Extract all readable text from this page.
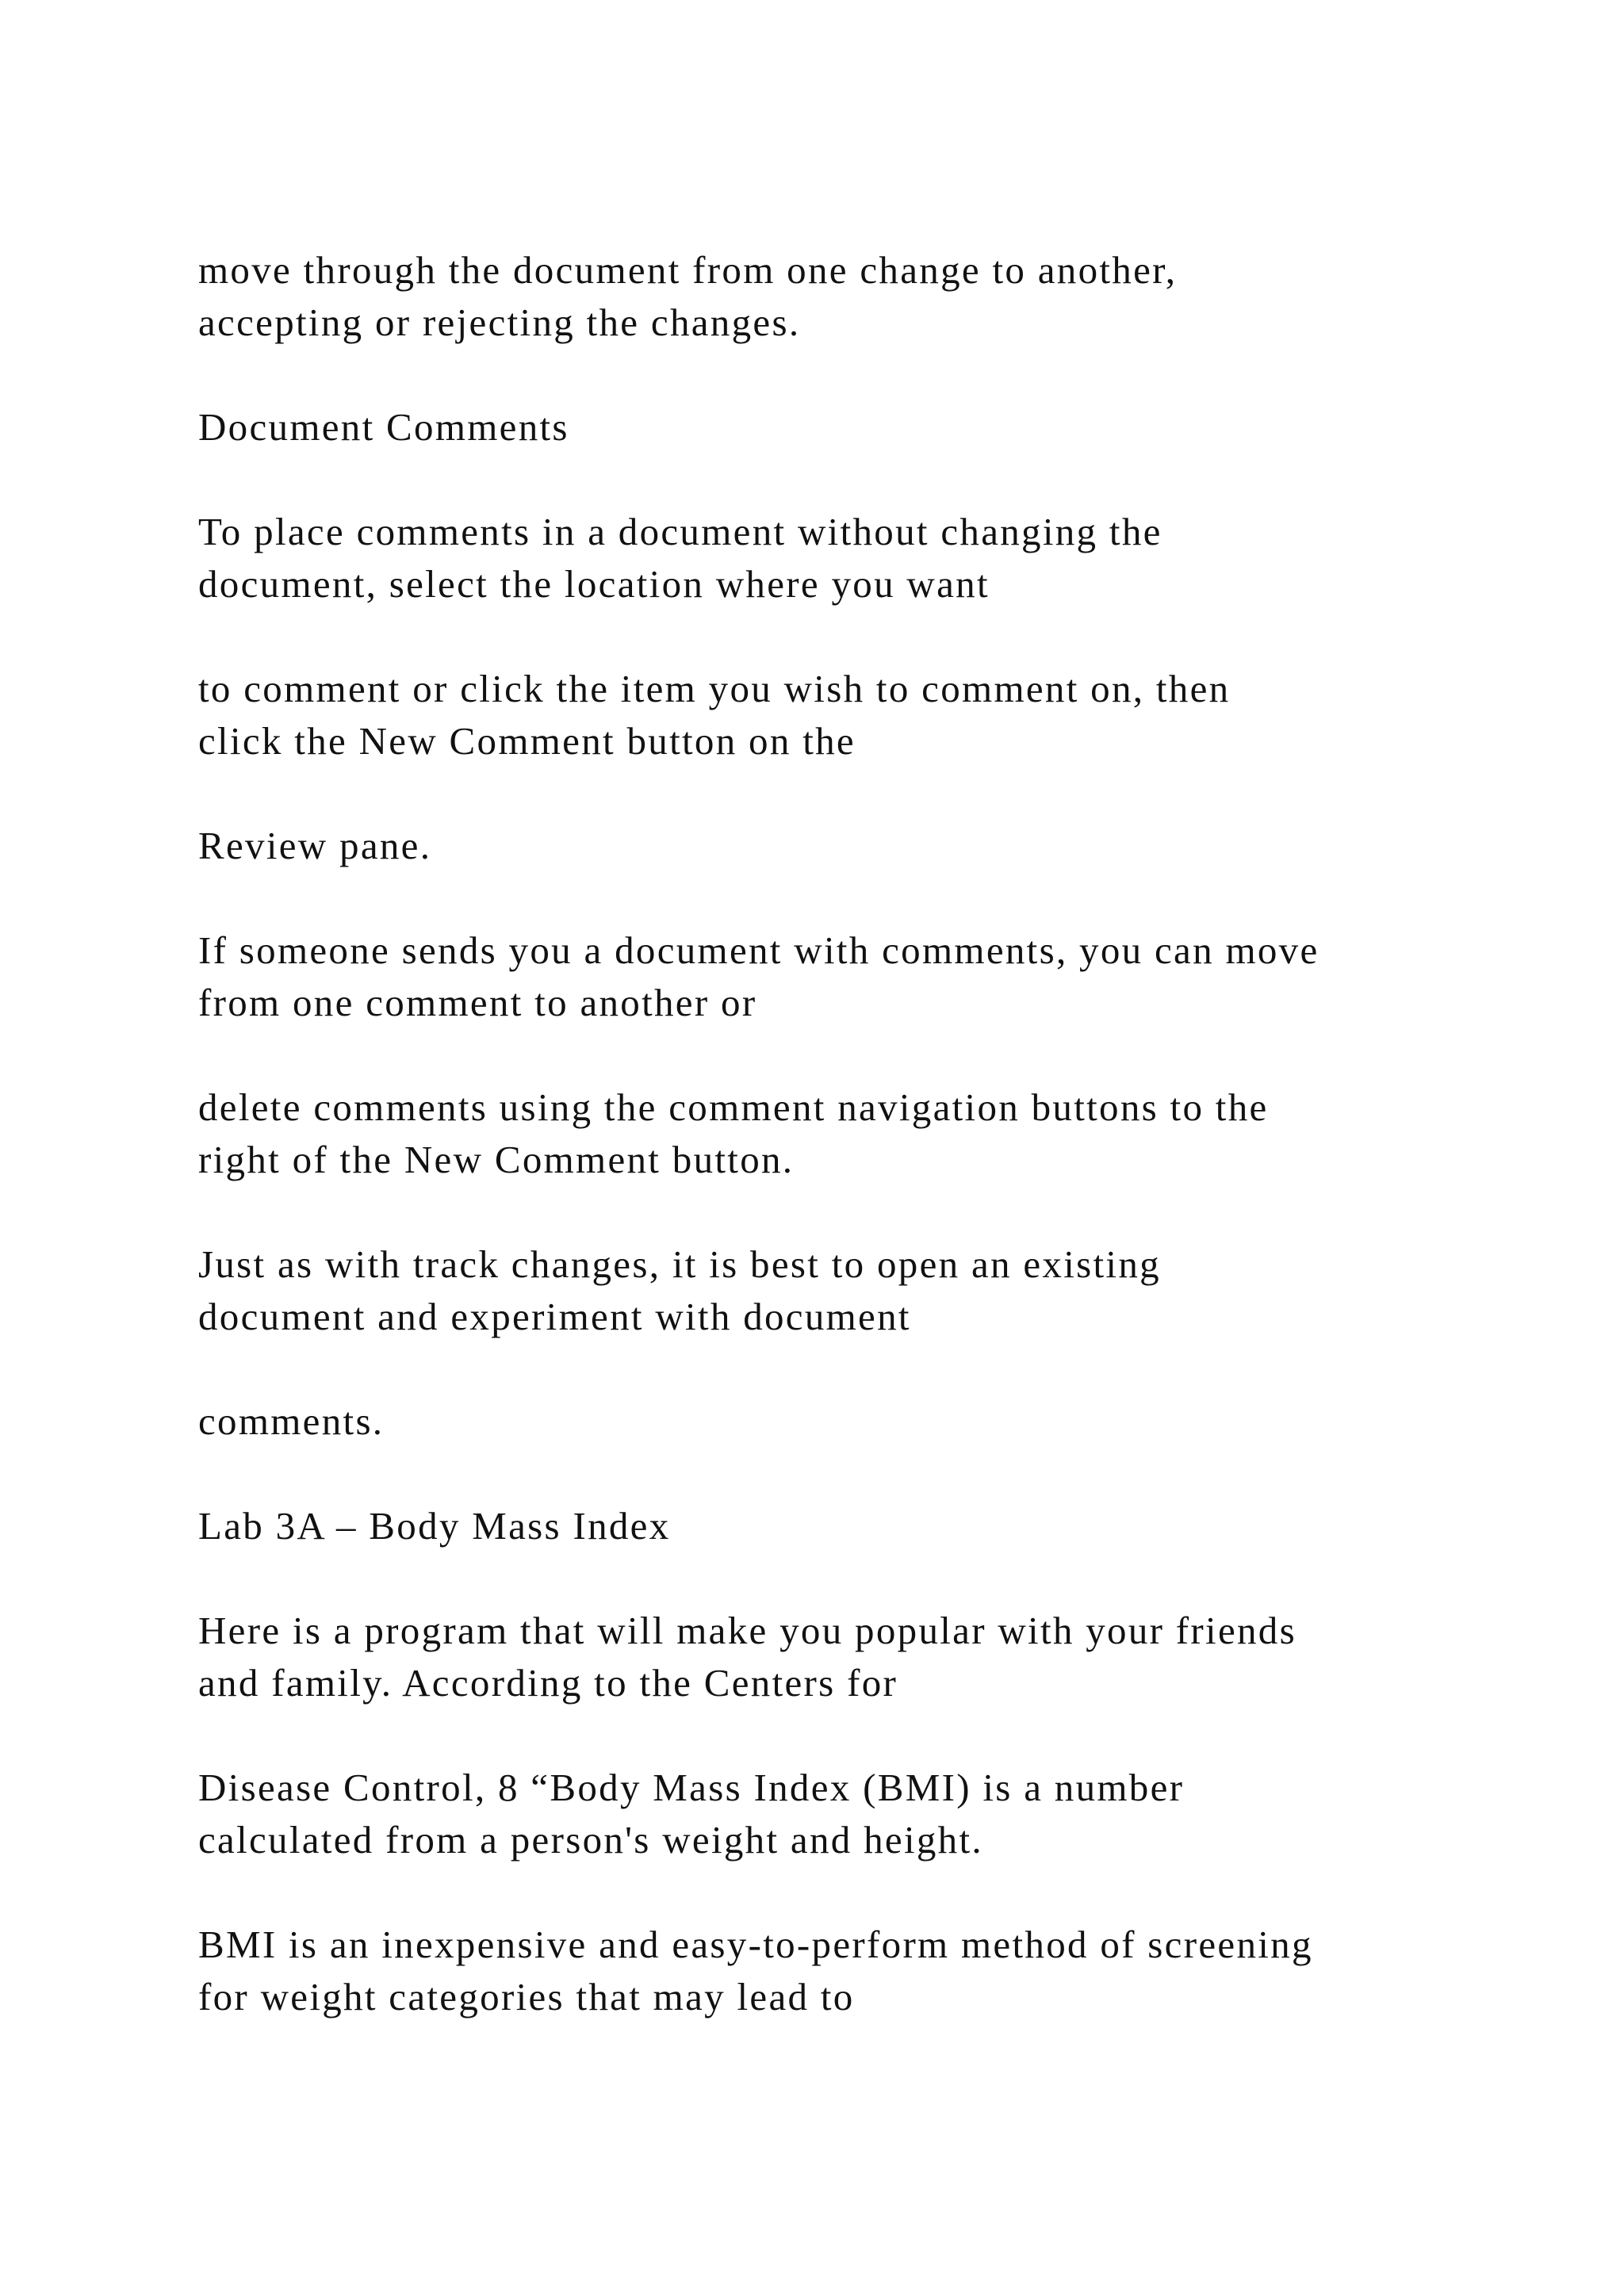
move through the document from one change to another,
accepting or rejecting the changes.

Document Comments

To place comments in a document without changing the
document, select the location where you want

to comment or click the item you wish to comment on, then
click the New Comment button on the

Review pane.

If someone sends you a document with comments, you can move
from one comment to another or

delete comments using the comment navigation buttons to the
right of the New Comment button.

Just as with track changes, it is best to open an existing
document and experiment with document

comments.

Lab 3A – Body Mass Index

Here is a program that will make you popular with your friends
and family. According to the Centers for

Disease Control, 8 “Body Mass Index (BMI) is a number
calculated from a person's weight and height.

BMI is an inexpensive and easy-to-perform method of screening
for weight categories that may lead to
